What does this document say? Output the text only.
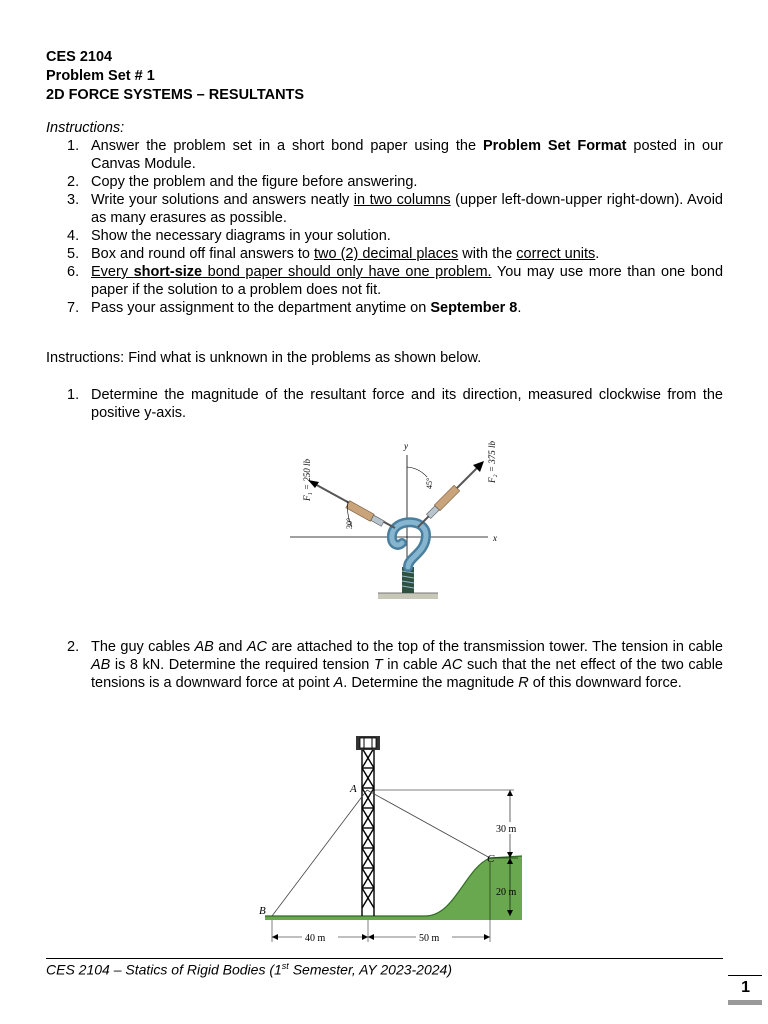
CES 2104
Problem Set # 1
2D FORCE SYSTEMS – RESULTANTS
Instructions:
1. Answer the problem set in a short bond paper using the Problem Set Format posted in our Canvas Module.
2. Copy the problem and the figure before answering.
3. Write your solutions and answers neatly in two columns (upper left-down-upper right-down). Avoid as many erasures as possible.
4. Show the necessary diagrams in your solution.
5. Box and round off final answers to two (2) decimal places with the correct units.
6. Every short-size bond paper should only have one problem. You may use more than one bond paper if the solution to a problem does not fit.
7. Pass your assignment to the department anytime on September 8.
Instructions: Find what is unknown in the problems as shown below.
1. Determine the magnitude of the resultant force and its direction, measured clockwise from the positive y-axis.
x
y
F₁ = 250 lb	F₂ = 375 lb
30°
45°
2. The guy cables AB and AC are attached to the top of the transmission tower. The tension in cable AB is 8 kN. Determine the required tension T in cable AC such that the net effect of the two cable tensions is a downward force at point A. Determine the magnitude R of this downward force.
30 m
20 m
40 m	50 m
A
B
C
CES 2104 – Statics of Rigid Bodies (1st Semester, AY 2023-2024)
1
